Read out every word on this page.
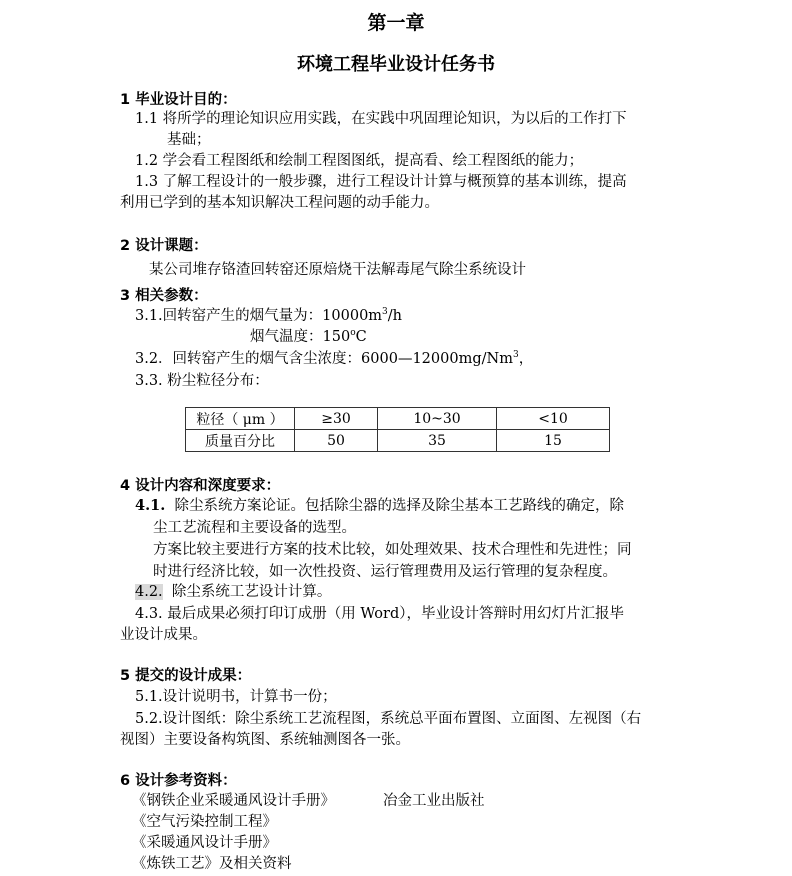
第一章
环境工程毕业设计任务书
1 毕业设计目的：
1.1 将所学的理论知识应用实践，在实践中巩固理论知识，为以后的工作打下
基础；
1.2 学会看工程图纸和绘制工程图图纸，提高看、绘工程图纸的能力；
1.3 了解工程设计的一般步骤，进行工程设计计算与概预算的基本训练，提高
利用已学到的基本知识解决工程问题的动手能力。
2 设计课题：
某公司堆存铬渣回转窑还原焙烧干法解毒尾气除尘系统设计
3 相关参数：
3.1.回转窑产生的烟气量为：$10000m^3/h$
烟气温度：150$^o$C
3.2．回转窑产生的烟气含尘浓度：6000—12000mg/Nm$^3$，
3.3. 粉尘粒径分布：
粒径（ μm ）	≥30	10~30	<10
质量百分比	50	35	15
4 设计内容和深度要求：
4.1. 除尘系统方案论证。包括除尘器的选择及除尘基本工艺路线的确定，除
尘工艺流程和主要设备的选型。
方案比较主要进行方案的技术比较，如处理效果、技术合理性和先进性；同
时进行经济比较，如一次性投资、运行管理费用及运行管理的复杂程度。
4.2. 除尘系统工艺设计计算。
4.3. 最后成果必须打印订成册（用 Word），毕业设计答辩时用幻灯片汇报毕
业设计成果。
5 提交的设计成果：
5.1.设计说明书，计算书一份；
5.2.设计图纸：除尘系统工艺流程图，系统总平面布置图、立面图、左视图（右
视图）主要设备构筑图、系统轴测图各一张。
6 设计参考资料：
《钢铁企业采暖通风设计手册》	冶金工业出版社
《空气污染控制工程》
《采暖通风设计手册》
《炼铁工艺》及相关资料
